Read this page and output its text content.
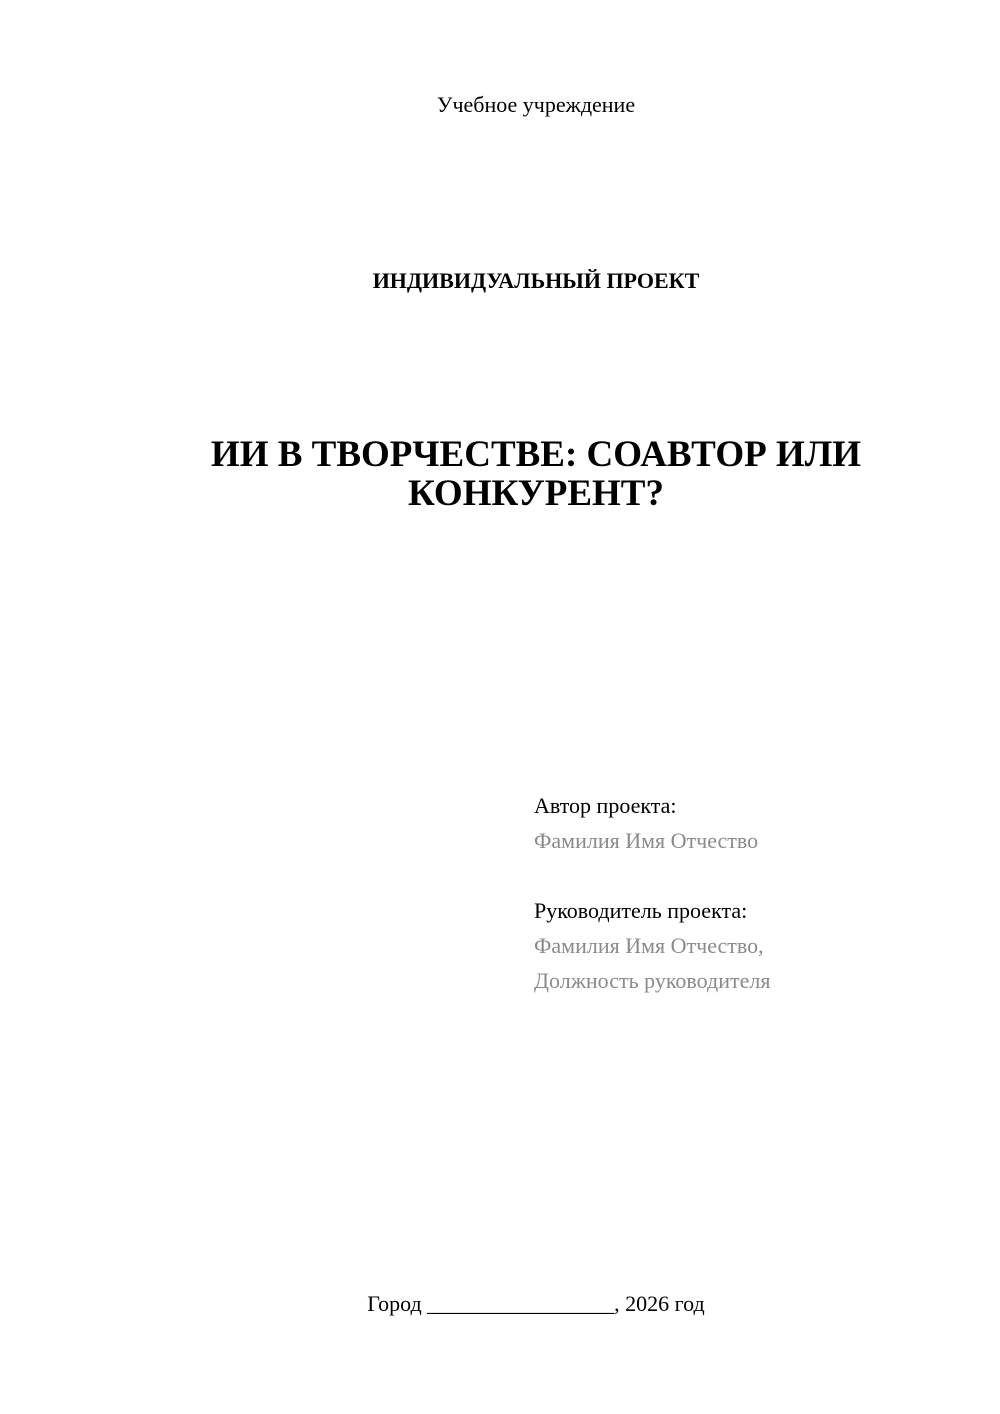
Учебное учреждение
ИНДИВИДУАЛЬНЫЙ ПРОЕКТ
ИИ В ТВОРЧЕСТВЕ: СОАВТОР ИЛИ
КОНКУРЕНТ?
Автор проекта:
Фамилия Имя Отчество
Руководитель проекта:
Фамилия Имя Отчество,
Должность руководителя
Город _________________, 2026 год
